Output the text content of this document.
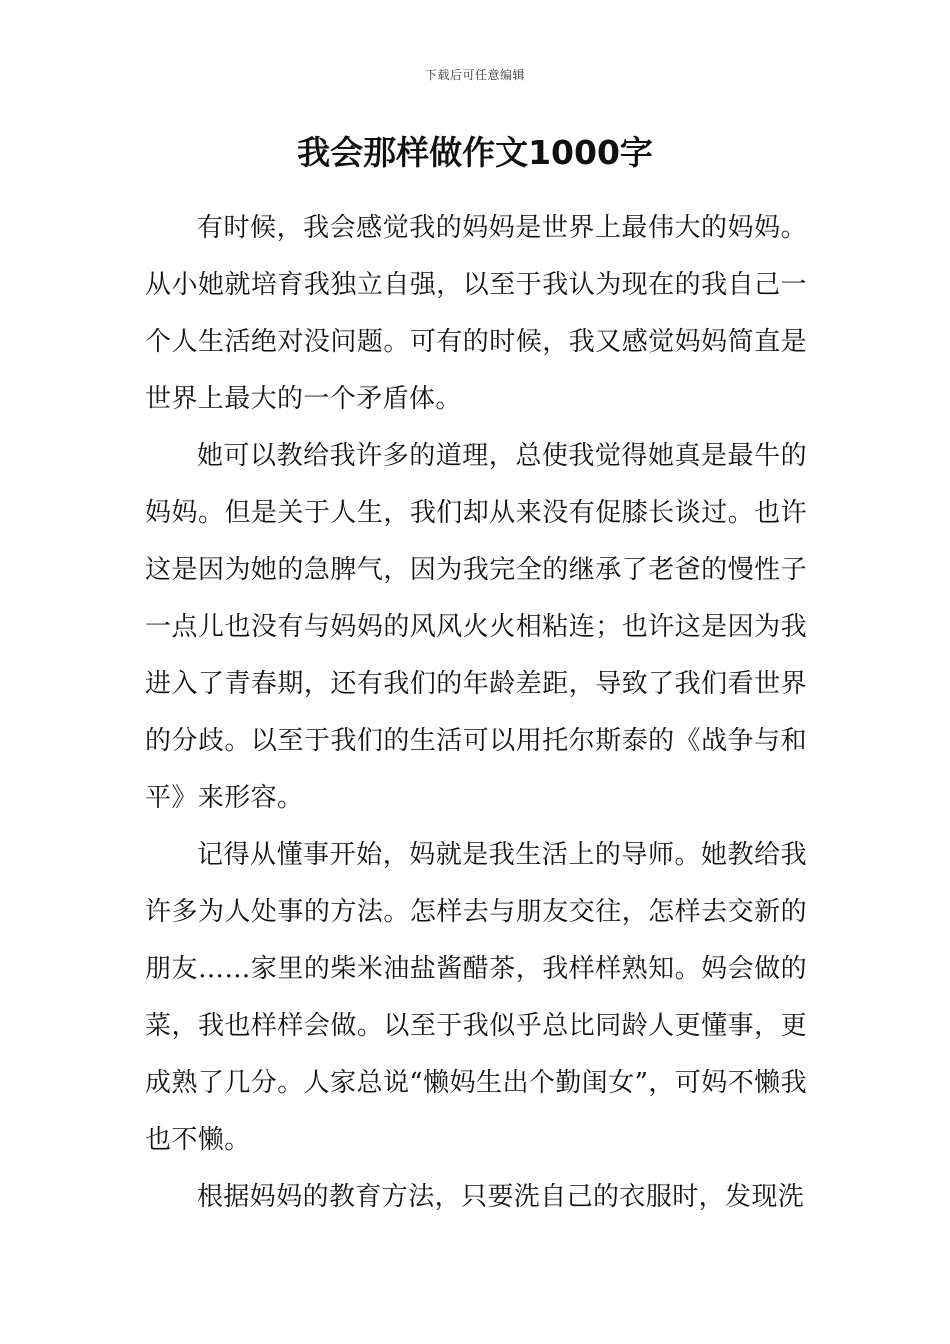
下载后可任意编辑
我会那样做作文1000字

有时候，我会感觉我的妈妈是世界上最伟大的妈妈。从小她就培育我独立自强，以至于我认为现在的我自己一个人生活绝对没问题。可有的时候，我又感觉妈妈简直是世界上最大的一个矛盾体。

她可以教给我许多的道理，总使我觉得她真是最牛的妈妈。但是关于人生，我们却从来没有促膝长谈过。也许这是因为她的急脾气，因为我完全的继承了老爸的慢性子一点儿也没有与妈妈的风风火火相粘连；也许这是因为我进入了青春期，还有我们的年龄差距，导致了我们看世界的分歧。以至于我们的生活可以用托尔斯泰的《战争与和平》来形容。

记得从懂事开始，妈就是我生活上的导师。她教给我许多为人处事的方法。怎样去与朋友交往，怎样去交新的朋友……家里的柴米油盐酱醋茶，我样样熟知。妈会做的菜，我也样样会做。以至于我似乎总比同龄人更懂事，更成熟了几分。人家总说“懒妈生出个勤闺女”，可妈不懒我也不懒。

根据妈妈的教育方法，只要洗自己的衣服时，发现洗
